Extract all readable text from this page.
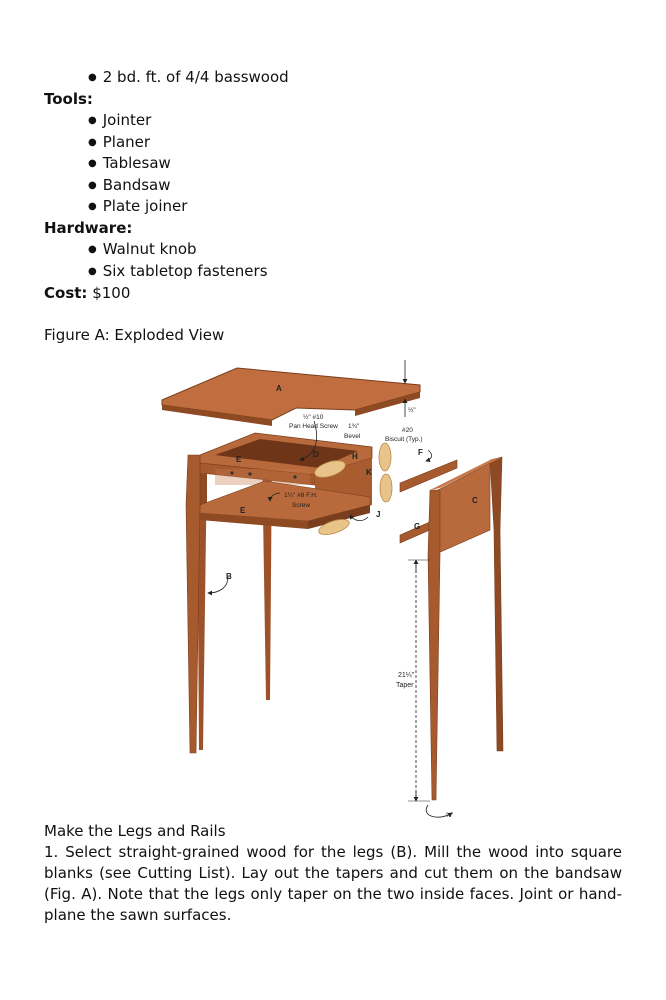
● 2 bd. ft. of 4/4 basswood
Tools:
● Jointer
● Planer
● Tablesaw
● Bandsaw
● Plate joiner
Hardware:
● Walnut knob
● Six tabletop fasteners
Cost: $100
Figure A: Exploded View
A
B
C
D
E
E
F
G
H
J
K
½"
½" #10
Pan Head Screw 1¾"
Bevel
#20
Biscuit (Typ.)
1¼" #8 F.H.
Screw
21¼"
Taper
⅝"
Make the Legs and Rails
1. Select straight-grained wood for the legs (B). Mill the wood into square blanks (see Cutting List). Lay out the tapers and cut them on the bandsaw (Fig. A). Note that the legs only taper on the two inside faces. Joint or hand-plane the sawn surfaces.
